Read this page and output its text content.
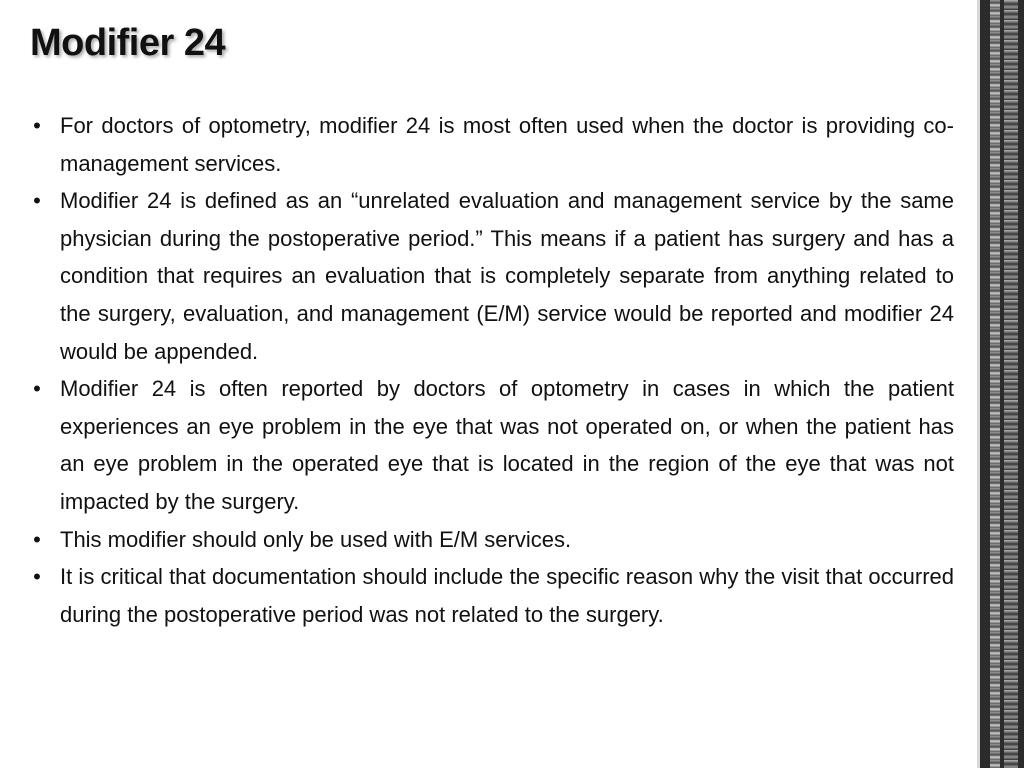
Modifier 24
•
For doctors of optometry, modifier 24 is most often used when the doctor is providing co-management services.
•
Modifier 24 is defined as an “unrelated evaluation and management service by the same physician during the postoperative period.” This means if a patient has surgery and has a condition that requires an evaluation that is completely separate from anything related to the surgery, evaluation, and management (E/M) service would be reported and modifier 24 would be appended.
•
Modifier 24 is often reported by doctors of optometry in cases in which the patient experiences an eye problem in the eye that was not operated on, or when the patient has an eye problem in the operated eye that is located in the region of the eye that was not impacted by the surgery.
•
This modifier should only be used with E/M services.
•
It is critical that documentation should include the specific reason why the visit that occurred during the postoperative period was not related to the surgery.
